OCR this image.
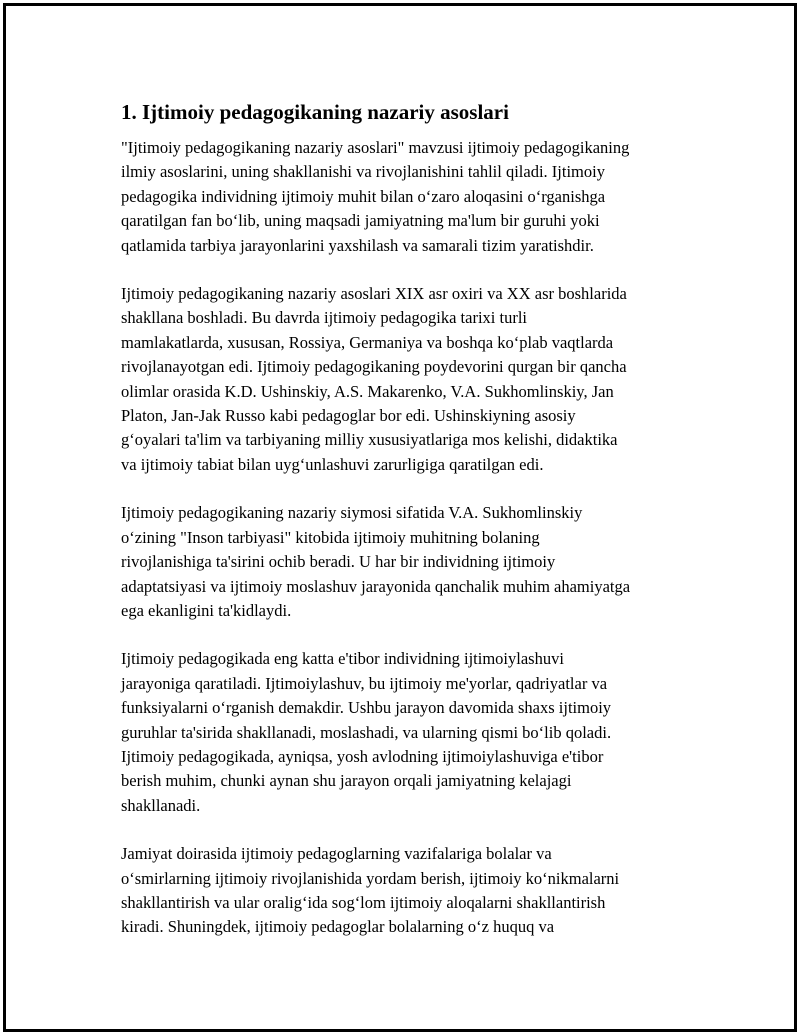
1. Ijtimoiy pedagogikaning nazariy asoslari

"Ijtimoiy pedagogikaning nazariy asoslari" mavzusi ijtimoiy pedagogikaning
ilmiy asoslarini, uning shakllanishi va rivojlanishini tahlil qiladi. Ijtimoiy
pedagogika individning ijtimoiy muhit bilan oʻzaro aloqasini oʻrganishga
qaratilgan fan boʻlib, uning maqsadi jamiyatning ma'lum bir guruhi yoki
qatlamida tarbiya jarayonlarini yaxshilash va samarali tizim yaratishdir.

Ijtimoiy pedagogikaning nazariy asoslari XIX asr oxiri va XX asr boshlarida
shakllana boshladi. Bu davrda ijtimoiy pedagogika tarixi turli
mamlakatlarda, xususan, Rossiya, Germaniya va boshqa koʻplab vaqtlarda
rivojlanayotgan edi. Ijtimoiy pedagogikaning poydevorini qurgan bir qancha
olimlar orasida K.D. Ushinskiy, A.S. Makarenko, V.A. Sukhomlinskiy, Jan
Platon, Jan-Jak Russo kabi pedagoglar bor edi. Ushinskiyning asosiy
gʻoyalari ta'lim va tarbiyaning milliy xususiyatlariga mos kelishi, didaktika
va ijtimoiy tabiat bilan uygʻunlashuvi zarurligiga qaratilgan edi.

Ijtimoiy pedagogikaning nazariy siymosi sifatida V.A. Sukhomlinskiy
oʻzining "Inson tarbiyasi" kitobida ijtimoiy muhitning bolaning
rivojlanishiga ta'sirini ochib beradi. U har bir individning ijtimoiy
adaptatsiyasi va ijtimoiy moslashuv jarayonida qanchalik muhim ahamiyatga
ega ekanligini ta'kidlaydi.

Ijtimoiy pedagogikada eng katta e'tibor individning ijtimoiylashuvi
jarayoniga qaratiladi. Ijtimoiylashuv, bu ijtimoiy me'yorlar, qadriyatlar va
funksiyalarni oʻrganish demakdir. Ushbu jarayon davomida shaxs ijtimoiy
guruhlar ta'sirida shakllanadi, moslashadi, va ularning qismi boʻlib qoladi.
Ijtimoiy pedagogikada, ayniqsa, yosh avlodning ijtimoiylashuviga e'tibor
berish muhim, chunki aynan shu jarayon orqali jamiyatning kelajagi
shakllanadi.

Jamiyat doirasida ijtimoiy pedagoglarning vazifalariga bolalar va
oʻsmirlarning ijtimoiy rivojlanishida yordam berish, ijtimoiy koʻnikmalarni
shakllantirish va ular oraligʻida sogʻlom ijtimoiy aloqalarni shakllantirish
kiradi. Shuningdek, ijtimoiy pedagoglar bolalarning oʻz huquq va
